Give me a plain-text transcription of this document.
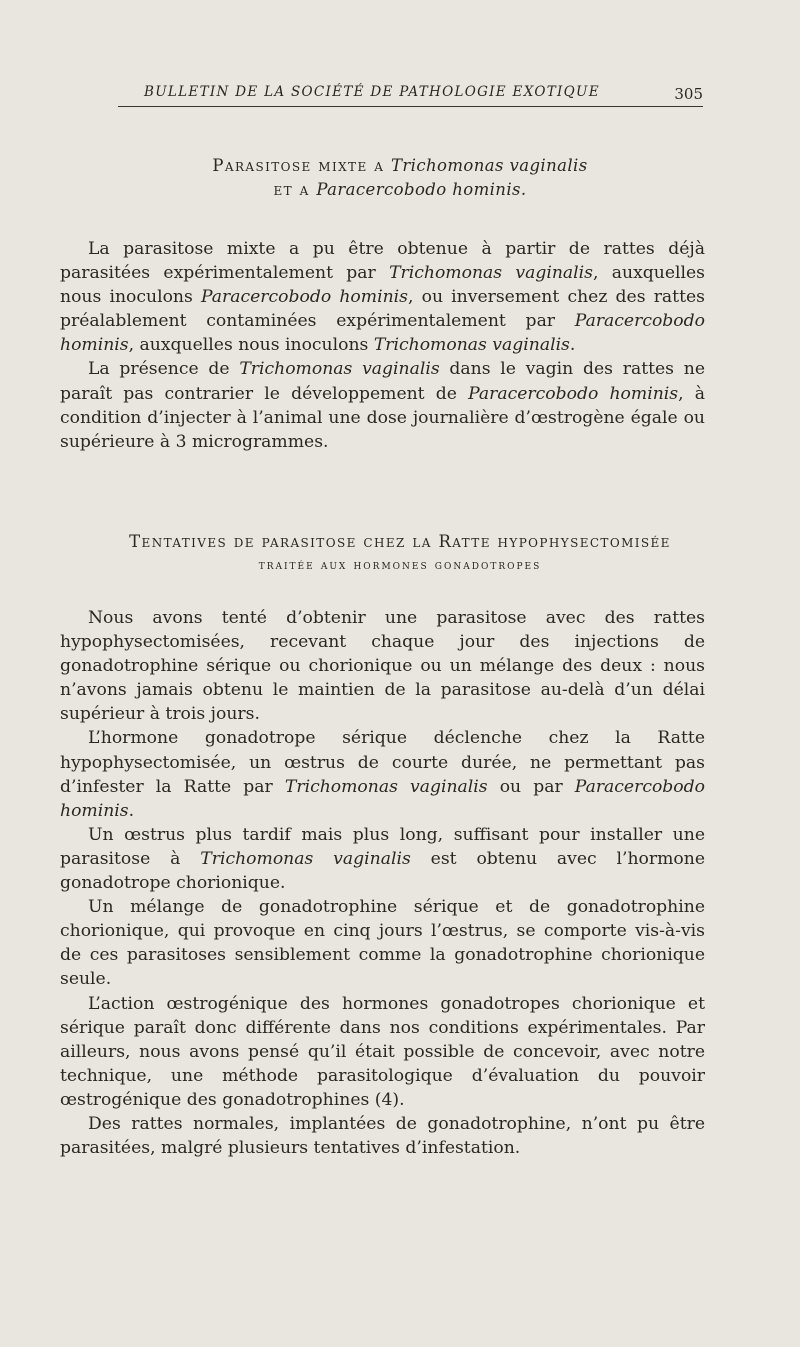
BULLETIN DE LA SOCIÉTÉ DE PATHOLOGIE EXOTIQUE	305
Parasitose mixte a Trichomonas vaginalis
et a Paracercobodo hominis.

La parasitose mixte a pu être obtenue à partir de rattes déjà parasitées expérimentalement par Trichomonas vaginalis, auxquelles nous inoculons Paracercobodo hominis, ou inversement chez des rattes préalablement contaminées expérimentalement par Paracercobodo hominis, auxquelles nous inoculons Trichomonas vaginalis.

La présence de Trichomonas vaginalis dans le vagin des rattes ne paraît pas contrarier le développement de Paracercobodo hominis, à condition d’injecter à l’animal une dose journalière d’œstrogène égale ou supérieure à 3 microgrammes.

Tentatives de parasitose chez la Ratte hypophysectomisée
traitée aux hormones gonadotropes

Nous avons tenté d’obtenir une parasitose avec des rattes hypophysectomisées, recevant chaque jour des injections de gonadotrophine sérique ou chorionique ou un mélange des deux : nous n’avons jamais obtenu le maintien de la parasitose au-delà d’un délai supérieur à trois jours.

L’hormone gonadotrope sérique déclenche chez la Ratte hypophysectomisée, un œstrus de courte durée, ne permettant pas d’infester la Ratte par Trichomonas vaginalis ou par Paracercobodo hominis.

Un œstrus plus tardif mais plus long, suffisant pour installer une parasitose à Trichomonas vaginalis est obtenu avec l’hormone gonadotrope chorionique.

Un mélange de gonadotrophine sérique et de gonadotrophine chorionique, qui provoque en cinq jours l’œstrus, se comporte vis-à-vis de ces parasitoses sensiblement comme la gonadotrophine chorionique seule.

L’action œstrogénique des hormones gonadotropes chorionique et sérique paraît donc différente dans nos conditions expérimentales. Par ailleurs, nous avons pensé qu’il était possible de concevoir, avec notre technique, une méthode parasitologique d’évaluation du pouvoir œstrogénique des gonadotrophines (4).

Des rattes normales, implantées de gonadotrophine, n’ont pu être parasitées, malgré plusieurs tentatives d’infestation.
